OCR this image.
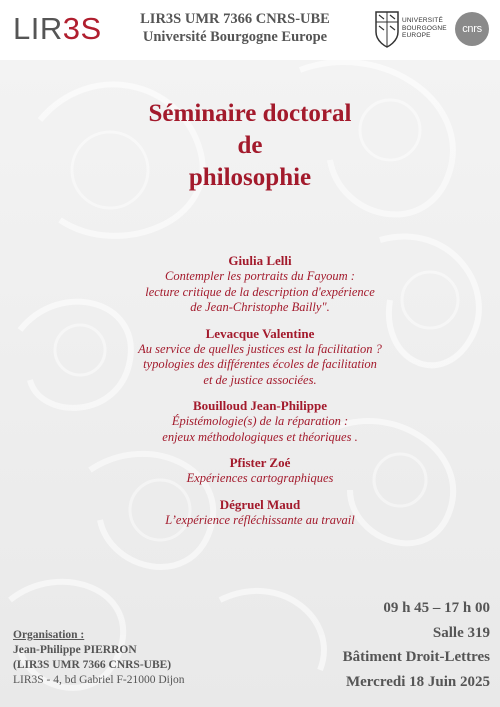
LIR3S	LIR3S UMR 7366 CNRS-UBE
Université Bourgogne Europe
UNIVERSITÉ
BOURGOGNE
EUROPE
cnrs
Séminaire doctoral
de
philosophie
Giulia Lelli
Contempler les portraits du Fayoum :
lecture critique de la description d'expérience
de Jean-Christophe Bailly".
Levacque Valentine
Au service de quelles justices est la facilitation ?
typologies des différentes écoles de facilitation
et de justice associées.
Bouilloud Jean-Philippe
Épistémologie(s) de la réparation :
enjeux méthodologiques et théoriques .
Pfister Zoé
Expériences cartographiques
Dégruel Maud
L’expérience réfléchissante au travail
09 h 45 – 17 h 00
Salle 319
Bâtiment Droit-Lettres
Mercredi 18 Juin 2025
Organisation :
Jean-Philippe PIERRON
(LIR3S UMR 7366 CNRS-UBE)
LIR3S - 4, bd Gabriel F-21000 Dijon
